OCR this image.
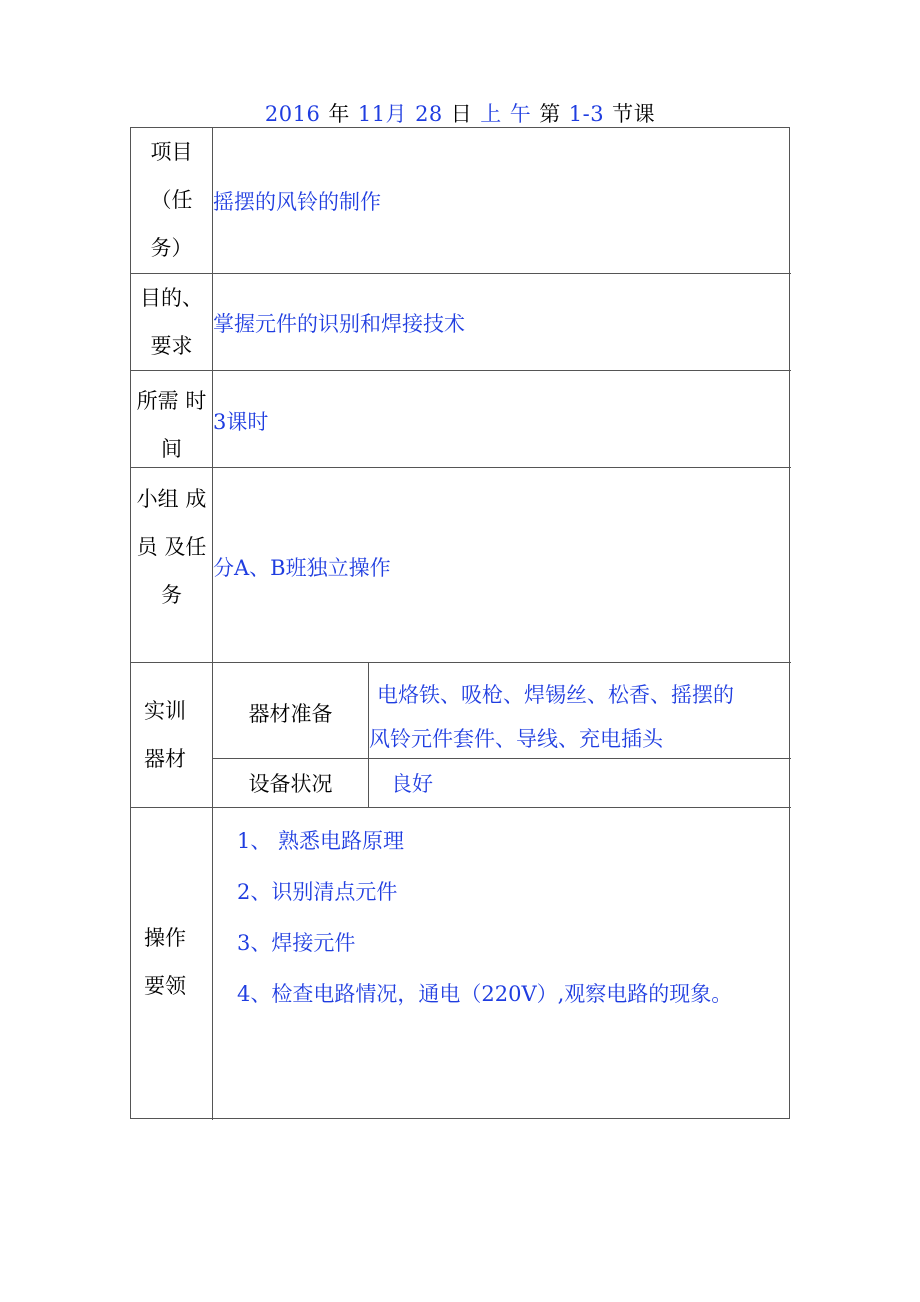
2016 年 11月 28 日 上 午 第 1-3 节课
项目
（任
务）
摇摆的风铃的制作
目的、
要求
掌握元件的识别和焊接技术
所需 时
间
3课时
小组 成
员 及任
务
分A、B班独立操作
实训
器材
器材准备
电烙铁、吸枪、焊锡丝、松香、摇摆的
风铃元件套件、导线、充电插头
设备状况	良好
操作
要领
1、 熟悉电路原理
2、识别清点元件
3、焊接元件
4、检查电路情况，通电（220V）,观察电路的现象。
